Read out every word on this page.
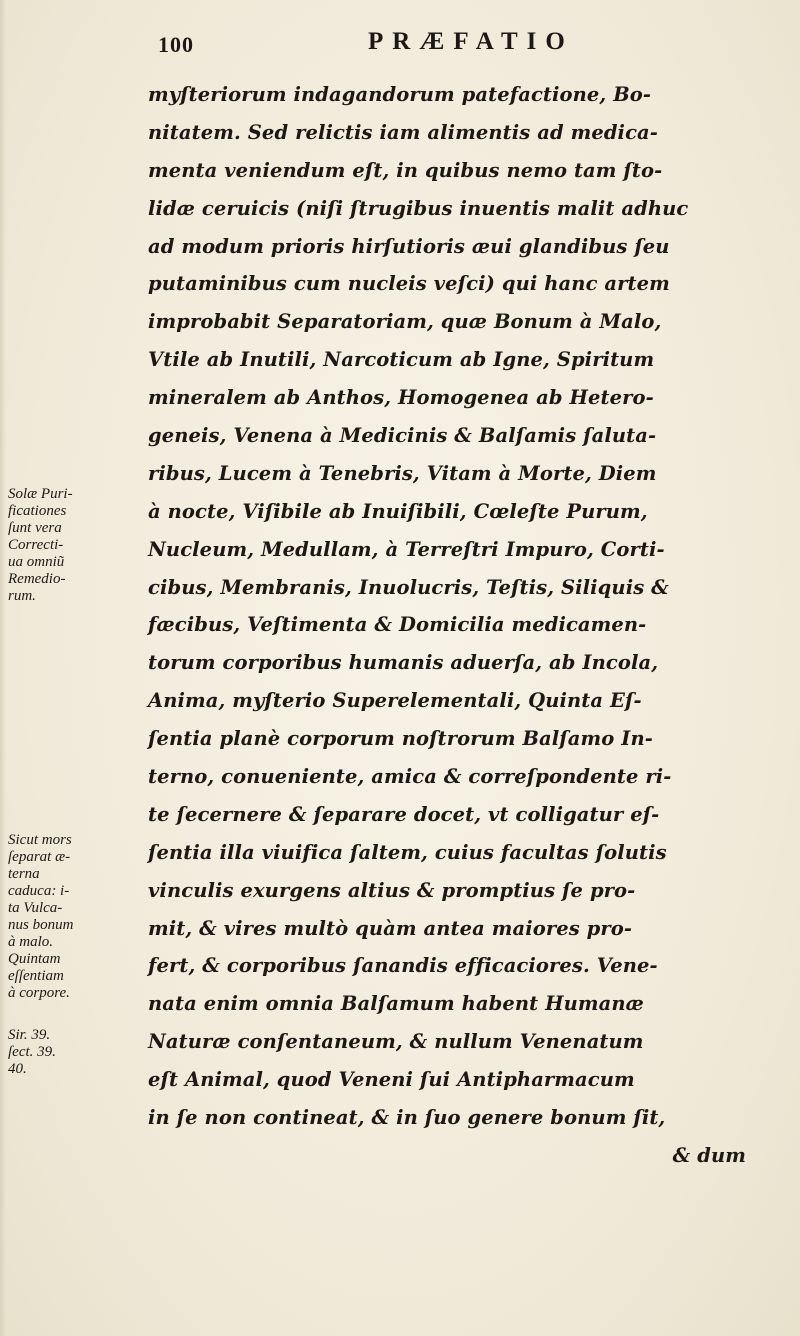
100	PRÆFATIO
myſteriorum indagandorum patefactione, Bo-
nitatem. Sed relictis iam alimentis ad medica-
menta veniendum eſt, in quibus nemo tam ſto-
lidæ ceruicis (niſi ſtrugibus inuentis malit adhuc
ad modum prioris hirſutioris æui glandibus ſeu
putaminibus cum nucleis veſci) qui hanc artem
improbabit Separatoriam, quæ Bonum à Malo,
Vtile ab Inutili, Narcoticum ab Igne, Spiritum
mineralem ab Anthos, Homogenea ab Hetero-
geneis, Venena à Medicinis & Balſamis ſaluta-
ribus, Lucem à Tenebris, Vitam à Morte, Diem
à nocte, Viſibile ab Inuiſibili, Cœleſte Purum,
Nucleum, Medullam, à Terreſtri Impuro, Corti-
cibus, Membranis, Inuolucris, Teſtis, Siliquis &
fæcibus, Veſtimenta & Domicilia medicamen-
torum corporibus humanis aduerſa, ab Incola,
Anima, myſterio Superelementali, Quinta Eſ-
ſentia planè corporum noſtrorum Balſamo In-
terno, conueniente, amica & correſpondente ri-
te ſecernere & ſeparare docet, vt colligatur eſ-
ſentia illa viuifica ſaltem, cuius facultas ſolutis
vinculis exurgens altius & promptius ſe pro-
mit, & vires multò quàm antea maiores pro-
fert, & corporibus ſanandis efficaciores. Vene-
nata enim omnia Balſamum habent Humanæ
Naturæ conſentaneum, & nullum Venenatum
eſt Animal, quod Veneni ſui Antipharmacum
in ſe non contineat, & in ſuo genere bonum ſit,
& dum
Solæ Puri-
ficationes
ſunt vera
Correcti-
ua omniũ
Remedio-
rum.
Sicut mors
ſeparat æ-
terna
caduca: i-
ta Vulca-
nus bonum
à malo.
Quintam
eſſentiam
à corpore.
Sir. 39.
ſect. 39.
40.
